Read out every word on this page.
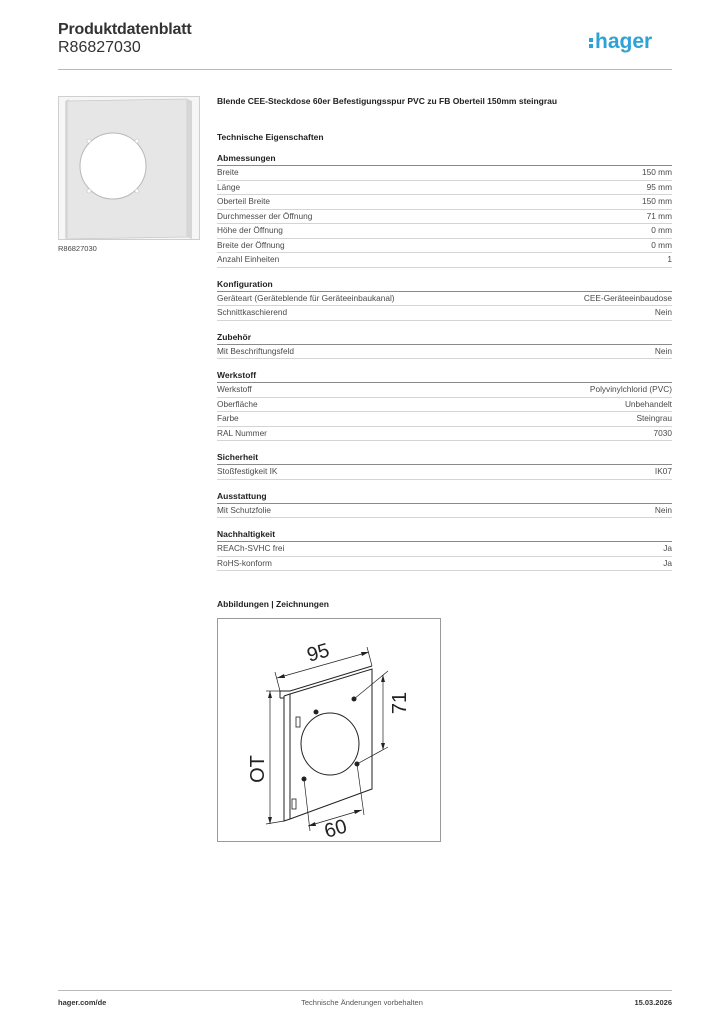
Produktdatenblatt
R86827030	hager
R86827030
Blende CEE-Steckdose 60er Befestigungsspur PVC zu FB Oberteil 150mm steingrau
Technische Eigenschaften
Abmessungen
Breite	150 mm
Länge	95 mm
Oberteil Breite	150 mm
Durchmesser der Öffnung	71 mm
Höhe der Öffnung	0 mm
Breite der Öffnung	0 mm
Anzahl Einheiten	1
Konfiguration
Geräteart (Geräteblende für Geräteeinbaukanal)	CEE-Geräteeinbaudose
Schnittkaschierend	Nein
Zubehör
Mit Beschriftungsfeld	Nein
Werkstoff
Werkstoff	Polyvinylchlorid (PVC)
Oberfläche	Unbehandelt
Farbe	Steingrau
RAL Nummer	7030
Sicherheit
Stoßfestigkeit IK	IK07
Ausstattung
Mit Schutzfolie	Nein
Nachhaltigkeit
REACh-SVHC frei	Ja
RoHS-konform	Ja
Abbildungen | Zeichnungen
95
71
OT
60
hager.com/de	Technische Änderungen vorbehalten	15.03.2026
